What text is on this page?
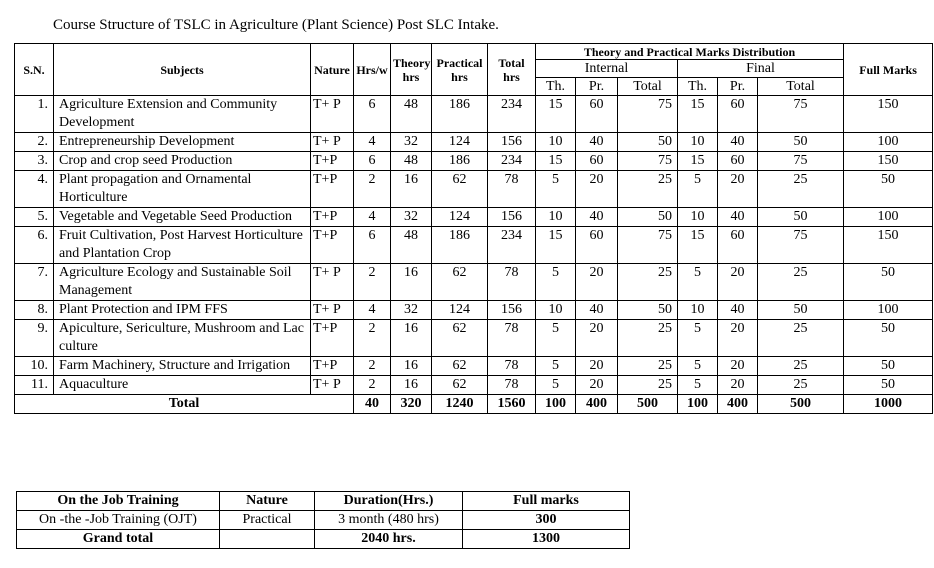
Course Structure of TSLC in Agriculture (Plant Science) Post SLC Intake.
S.N.	Subjects	Nature	Hrs/w	Theory hrs	Practical hrs	Total hrs	Theory and Practical Marks Distribution						Full Marks
							Internal			Final			
							Th.	Pr.	Total	Th.	Pr.	Total	
1.	Agriculture Extension and Community Development	T+ P	6	48	186	234	15	60	75	15	60	75	150
2.	Entrepreneurship Development	T+ P	4	32	124	156	10	40	50	10	40	50	100
3.	Crop and crop seed Production	T+P	6	48	186	234	15	60	75	15	60	75	150
4.	Plant propagation and Ornamental Horticulture	T+P	2	16	62	78	5	20	25	5	20	25	50
5.	Vegetable and Vegetable Seed Production	T+P	4	32	124	156	10	40	50	10	40	50	100
6.	Fruit Cultivation, Post Harvest Horticulture and Plantation Crop	T+P	6	48	186	234	15	60	75	15	60	75	150
7.	Agriculture Ecology and Sustainable Soil Management	T+ P	2	16	62	78	5	20	25	5	20	25	50
8.	Plant Protection and IPM FFS	T+ P	4	32	124	156	10	40	50	10	40	50	100
9.	Apiculture, Sericulture, Mushroom and Lac culture	T+P	2	16	62	78	5	20	25	5	20	25	50
10.	Farm Machinery, Structure and Irrigation	T+P	2	16	62	78	5	20	25	5	20	25	50
11.	Aquaculture	T+ P	2	16	62	78	5	20	25	5	20	25	50
Total			40	320	1240	1560	100	400	500	100	400	500	1000
On the Job Training	Nature	Duration(Hrs.)	Full marks
On -the -Job Training (OJT)	Practical	3 month (480 hrs)	300
Grand total		2040 hrs.	1300
